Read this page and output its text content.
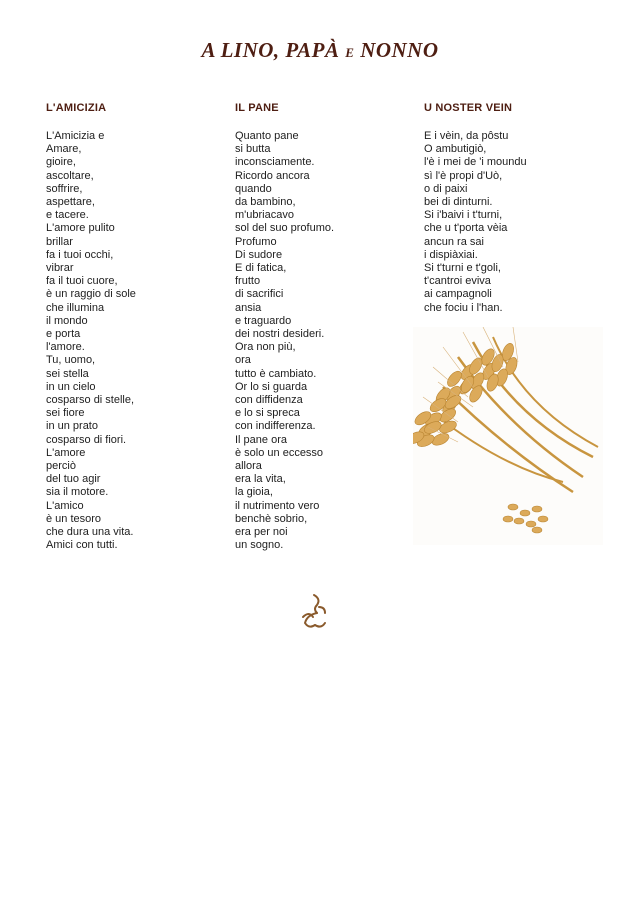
A LINO, PAPÀ E NONNO
L'AMICIZIA
L'Amicizia e
Amare,
gioire,
ascoltare,
soffrire,
aspettare,
e tacere.
L'amore pulito
brillar
fa i tuoi occhi,
vibrar
fa il tuoi cuore,
è un raggio di sole
che illumina
il mondo
e porta
l'amore.
Tu, uomo,
sei stella
in un cielo
cosparso di stelle,
sei fiore
in un prato
cosparso di fiori.
L'amore
perciò
del tuo agir
sia il motore.
L'amico
è un tesoro
che dura una vita.
Amici con tutti.
IL PANE
Quanto pane
si butta
inconsciamente.
Ricordo ancora
quando
da bambino,
m'ubriacavo
sol del suo profumo.
Profumo
Di sudore
E di fatica,
frutto
di sacrifici
ansia
e traguardo
dei nostri desideri.
Ora non più,
ora
tutto è cambiato.
Or lo si guarda
con diffidenza
e lo si spreca
con indifferenza.
Il pane ora
è solo un eccesso
allora
era la vita,
la gioia,
il nutrimento vero
benchè sobrio,
era per noi
un sogno.
U NOSTER VEIN
E i vèin, da pôstu
O ambutigiò,
l'è i mei de 'i moundu
sì l'è propi d'Uò,
o di paixi
bei di dinturni.
Si i'baivi i t'turni,
che u t'porta vèia
ancun ra sai
i dispiàxiai.
Si t'turni e t'goli,
t'cantroi eviva
ai campagnoli
che fociu i l'han.
